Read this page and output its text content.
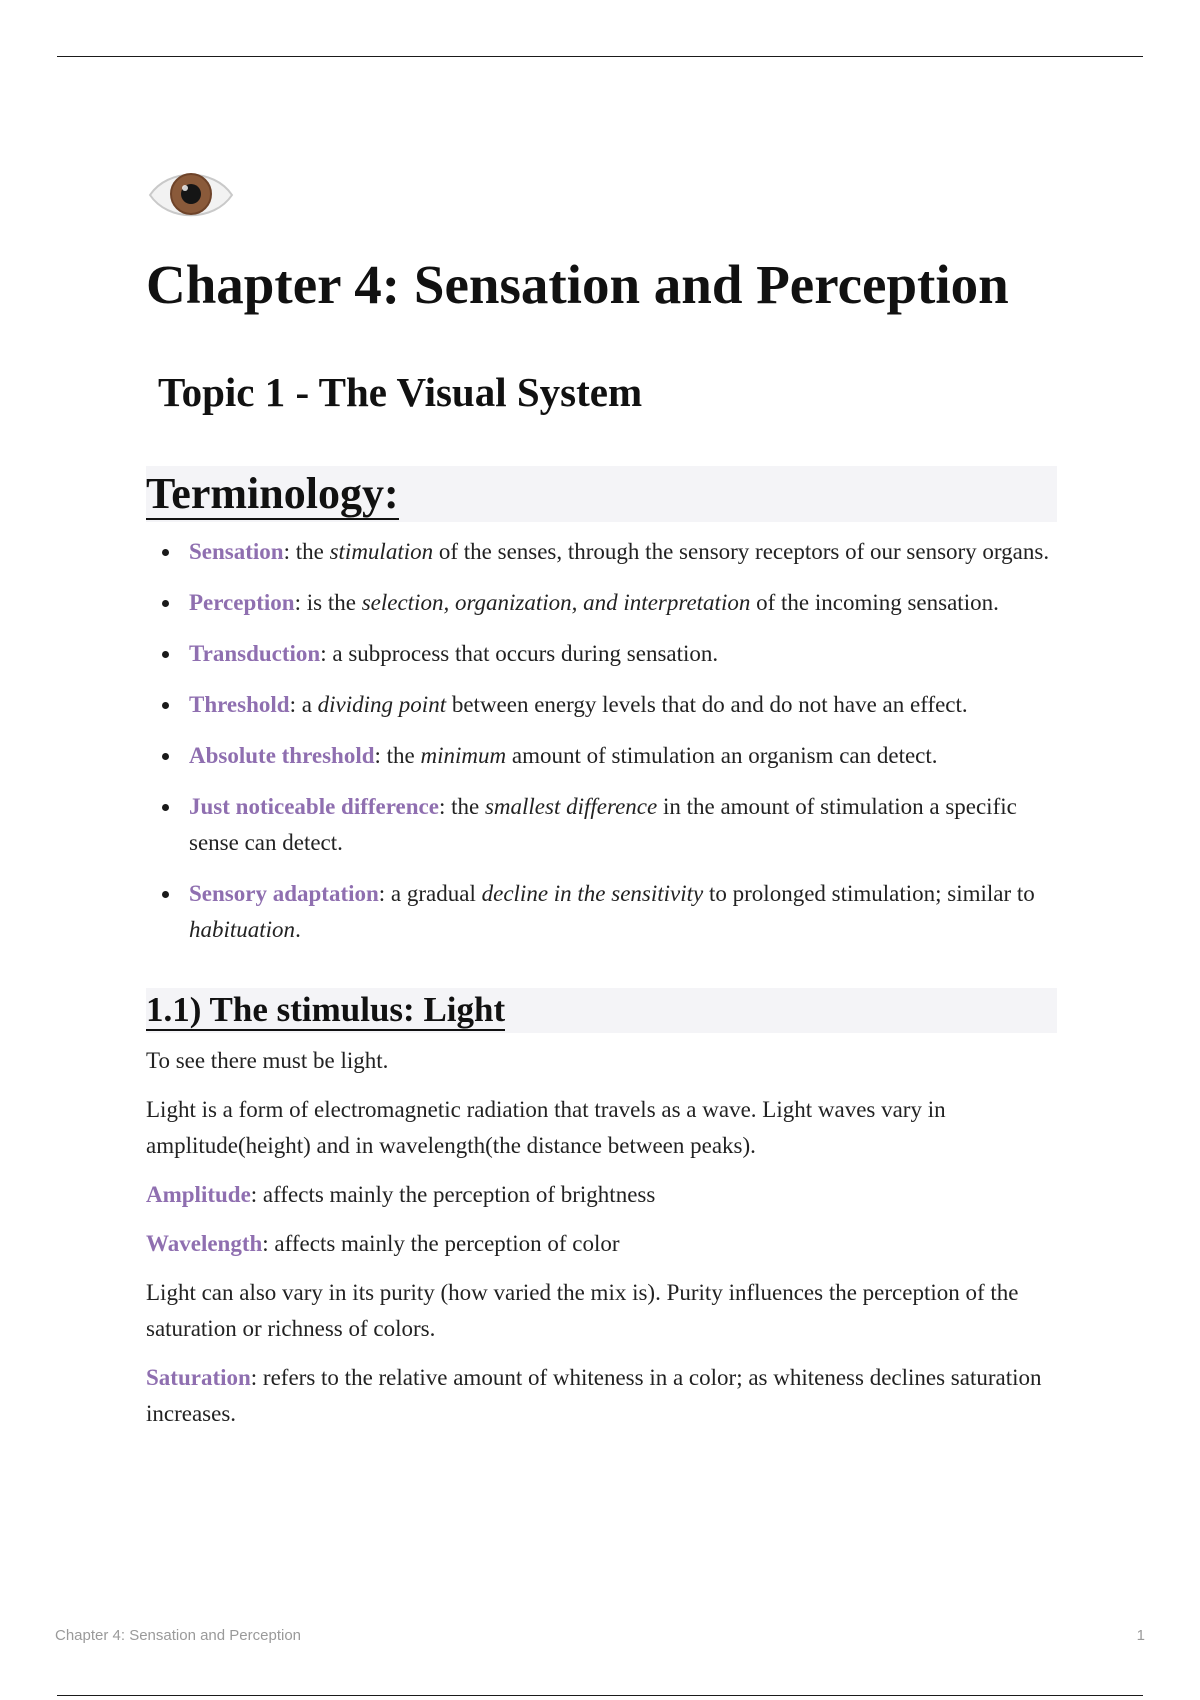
Chapter 4: Sensation and Perception
Topic 1 - The Visual System
Terminology:
Sensation: the stimulation of the senses, through the sensory receptors of our sensory organs.
Perception: is the selection, organization, and interpretation of the incoming sensation.
Transduction: a subprocess that occurs during sensation.
Threshold: a dividing point between energy levels that do and do not have an effect.
Absolute threshold: the minimum amount of stimulation an organism can detect.
Just noticeable difference: the smallest difference in the amount of stimulation a specific sense can detect.
Sensory adaptation: a gradual decline in the sensitivity to prolonged stimulation; similar to habituation.
1.1) The stimulus: Light

To see there must be light.

Light is a form of electromagnetic radiation that travels as a wave. Light waves vary in amplitude(height) and in wavelength(the distance between peaks).

Amplitude: affects mainly the perception of brightness

Wavelength: affects mainly the perception of color

Light can also vary in its purity (how varied the mix is). Purity influences the perception of the saturation or richness of colors.

Saturation: refers to the relative amount of whiteness in a color; as whiteness declines saturation increases.

Chapter 4: Sensation and Perception	1
